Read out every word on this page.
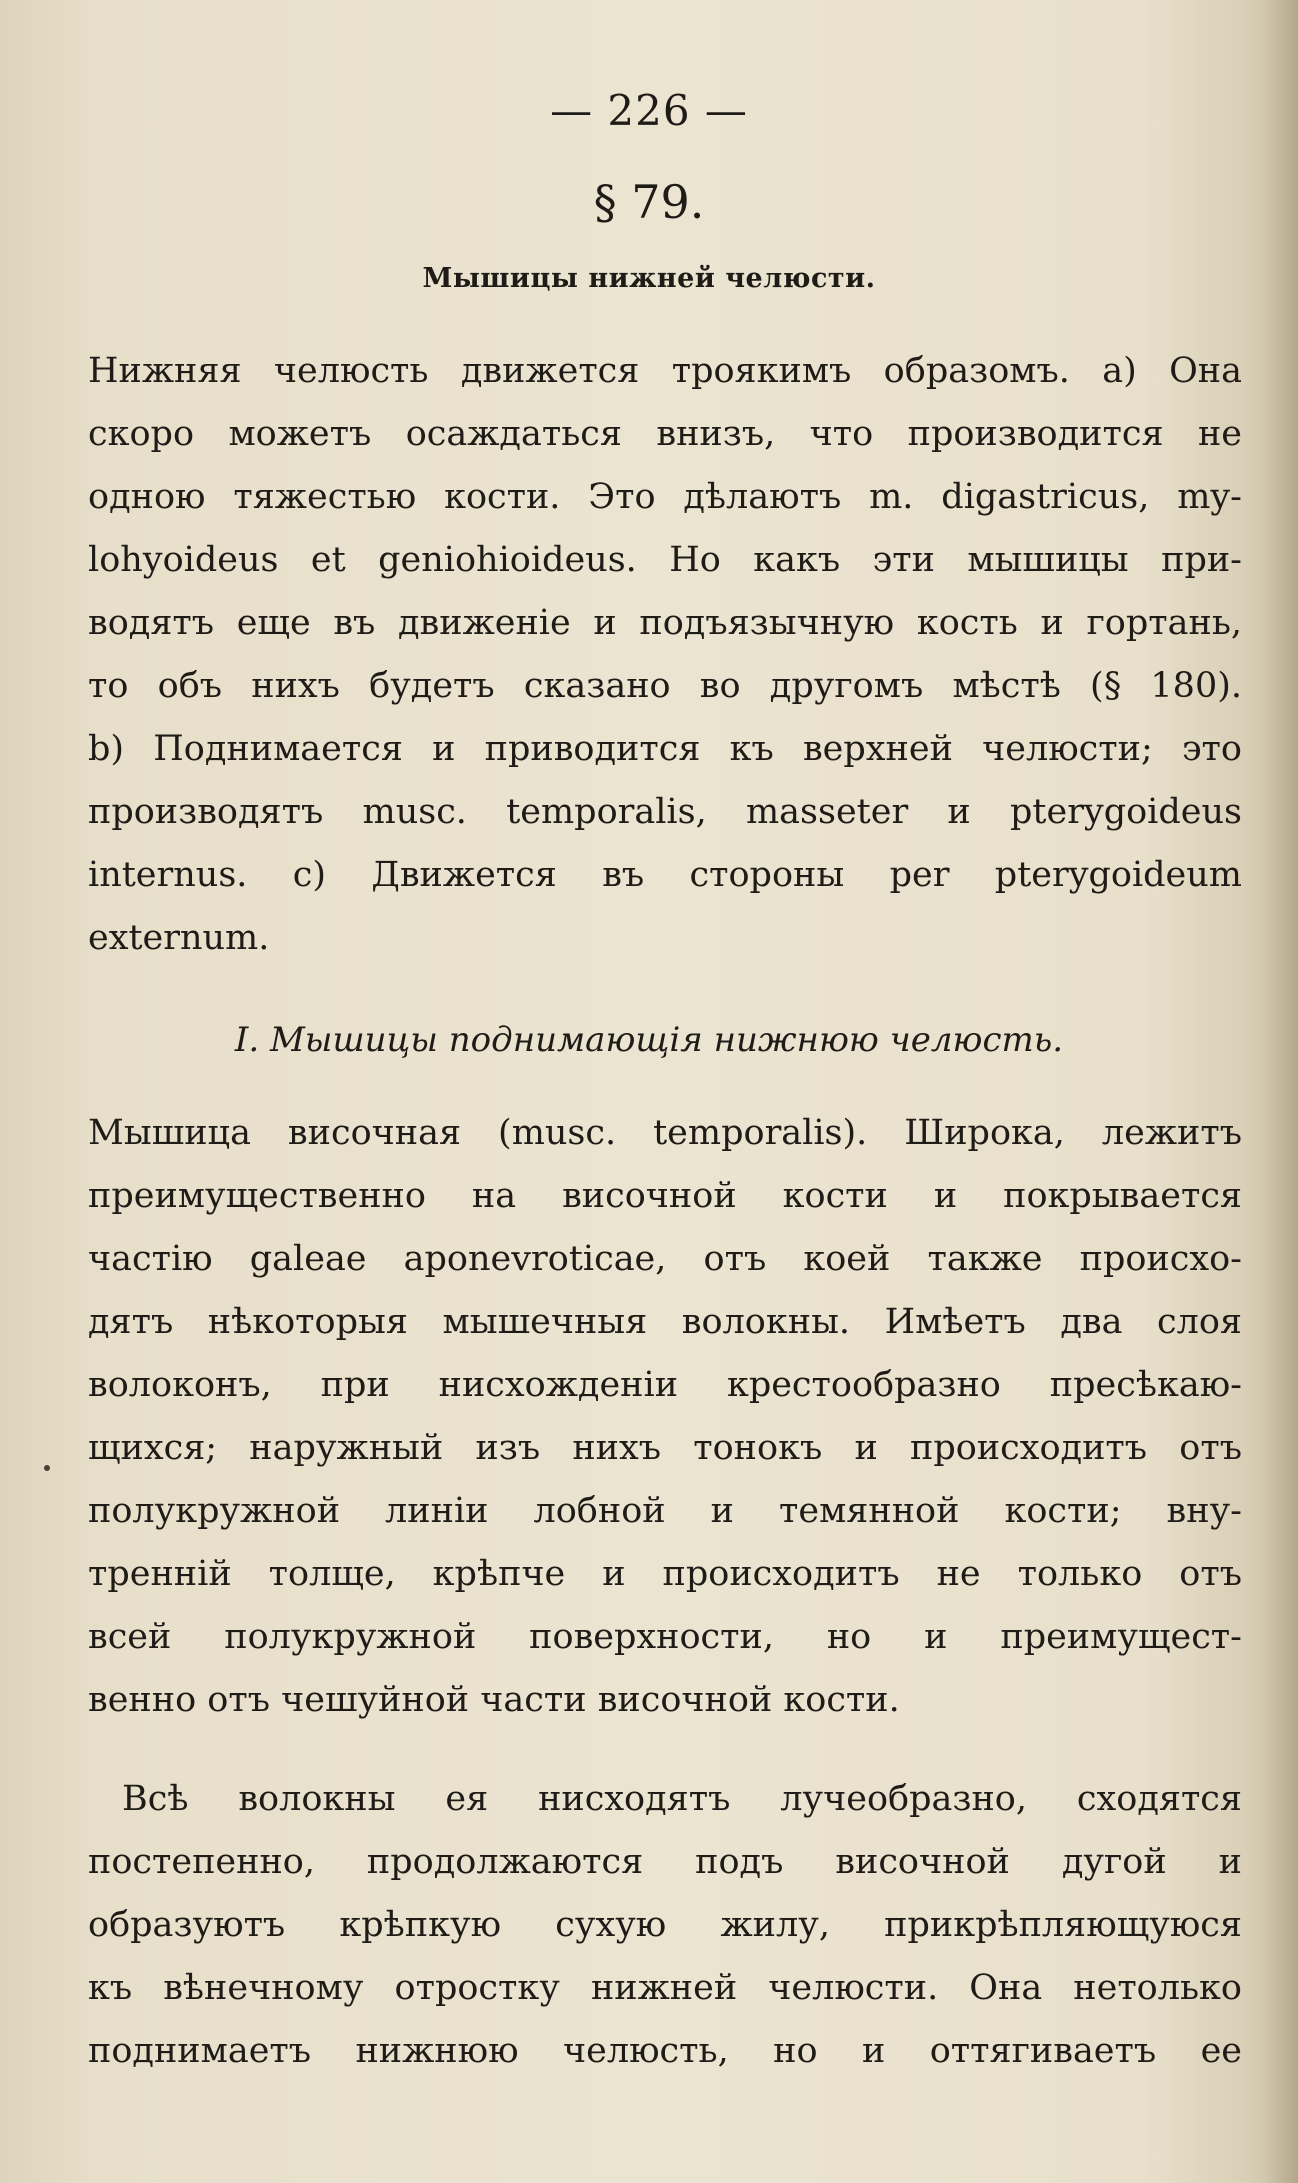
— 226 —
§ 79.
Мышицы нижней челюсти.

Нижняя челюсть движется троякимъ образомъ. a) Она
скоро можетъ осаждаться внизъ, что производится не
одною тяжестью кости. Это дѣлаютъ m. digastricus, my-
lohyoideus et geniohioideus. Но какъ эти мышицы при-
водятъ еще въ движеніе и подъязычную кость и гортань,
то объ нихъ будетъ сказано во другомъ мѣстѣ (§ 180).
b) Поднимается и приводится къ верхней челюсти; это
производятъ musc. temporalis, masseter и pterygoideus
internus. c) Движется въ стороны per pterygoideum
externum.

I. Мышицы поднимающія нижнюю челюсть.

Мышица височная (musc. temporalis). Широка, лежитъ
преимущественно на височной кости и покрывается
частію galeae aponevroticae, отъ коей также происхо-
дятъ нѣкоторыя мышечныя волокны. Имѣетъ два слоя
волоконъ, при нисхожденіи крестообразно пресѣкаю-
щихся; наружный изъ нихъ тонокъ и происходитъ отъ
полукружной линіи лобной и темянной кости; вну-
тренній толще, крѣпче и происходитъ не только отъ
всей полукружной поверхности, но и преимущест-
венно отъ чешуйной части височной кости.

Всѣ волокны ея нисходятъ лучеобразно, сходятся
постепенно, продолжаются подъ височной дугой и
образуютъ крѣпкую сухую жилу, прикрѣпляющуюся
къ вѣнечному отростку нижней челюсти. Она нетолько
поднимаетъ нижнюю челюсть, но и оттягиваетъ ее
